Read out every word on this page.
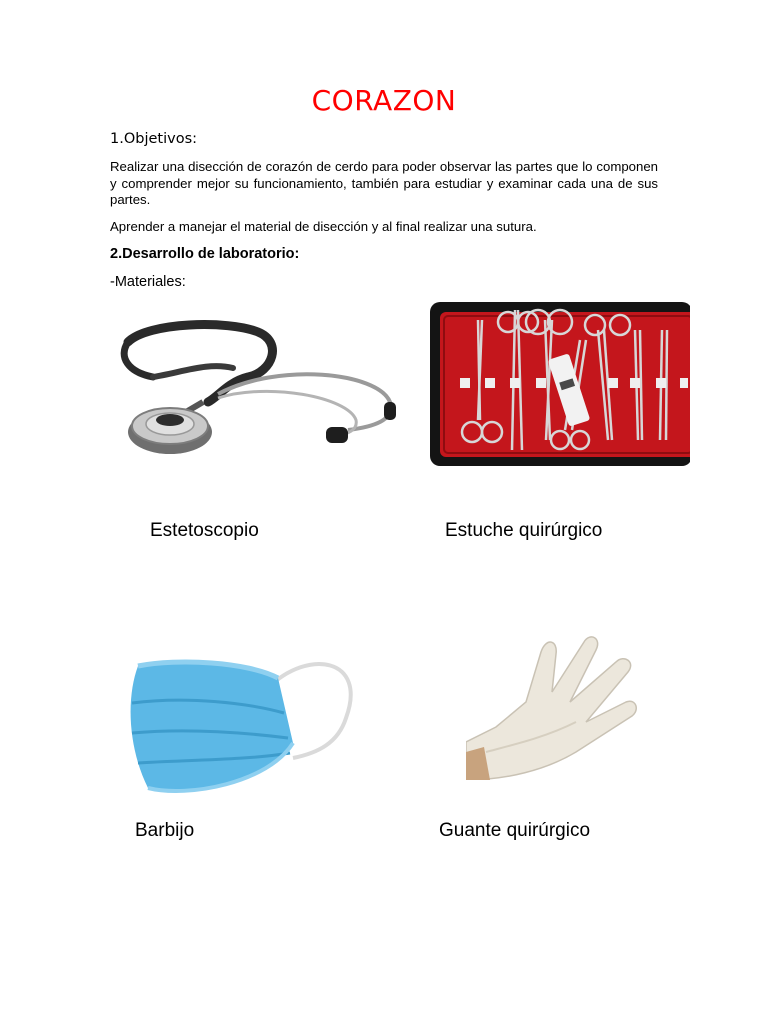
CORAZON
1.Objetivos:
Realizar una disección de corazón de cerdo para poder observar las partes que lo componen y comprender mejor su funcionamiento, también para estudiar y examinar cada una de sus partes.
Aprender a manejar el material de disección y al final realizar una sutura.
2.Desarrollo de laboratorio:
-Materiales:
Estetoscopio	Estuche quirúrgico
Barbijo	Guante quirúrgico
